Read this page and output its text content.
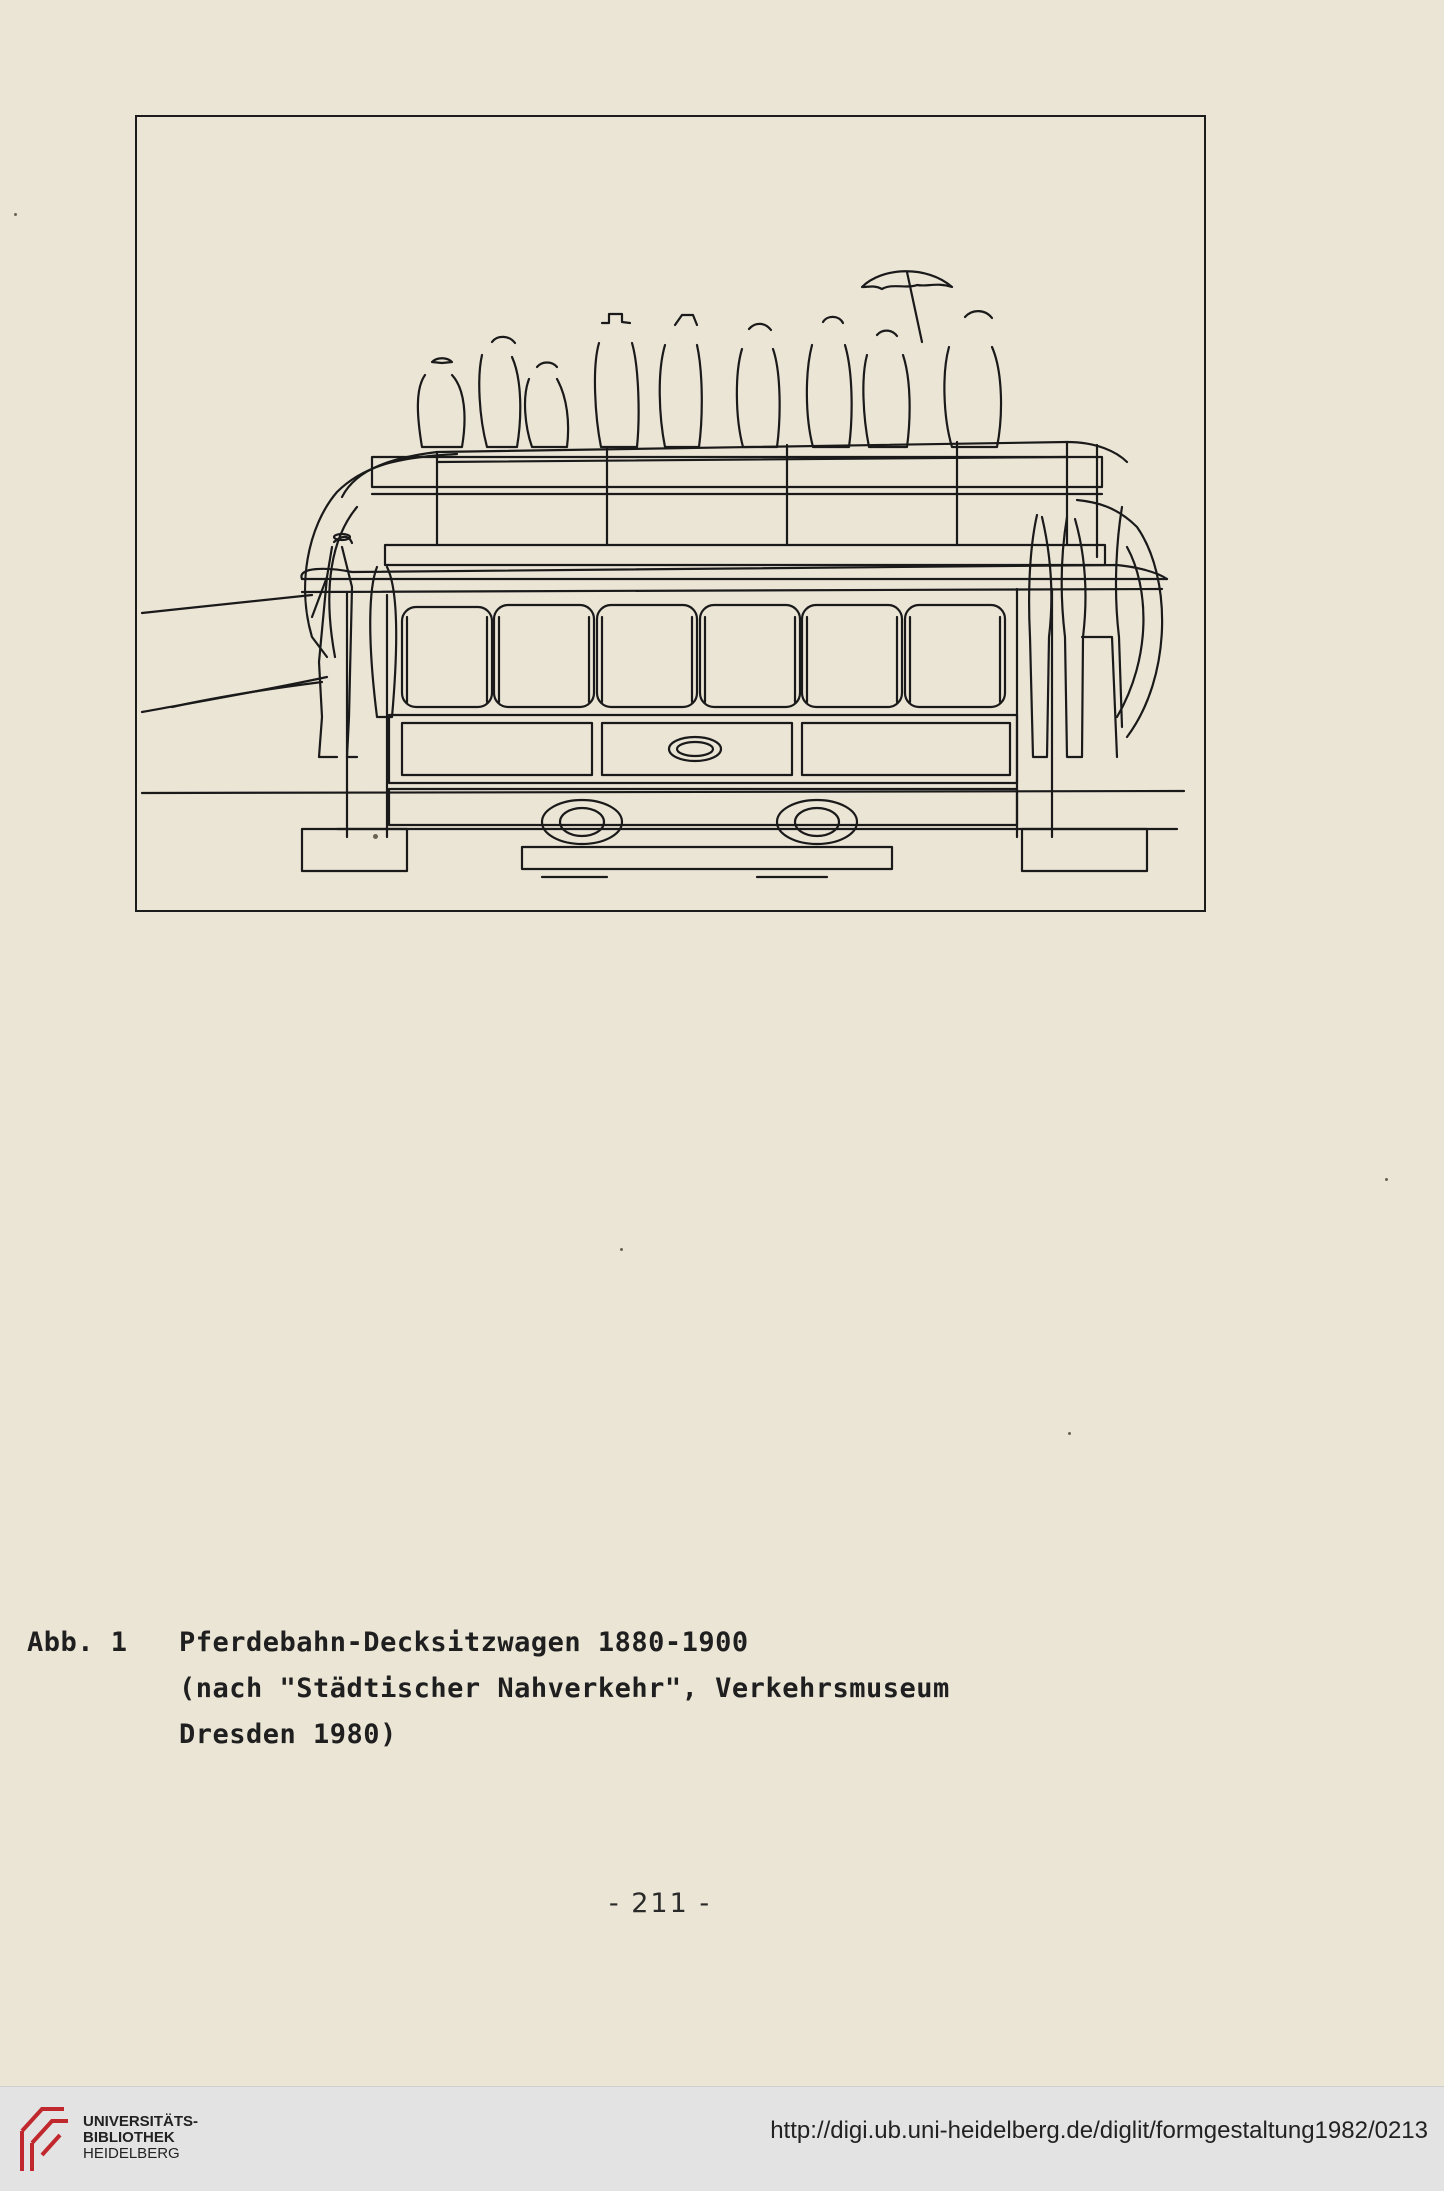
Abb. 1	Pferdebahn-Decksitzwagen 1880-1900
(nach "Städtischer Nahverkehr", Verkehrsmuseum
Dresden 1980)
- 211 -
UNIVERSITÄTS-
BIBLIOTHEK
HEIDELBERG
http://digi.ub.uni-heidelberg.de/diglit/formgestaltung1982/0213
